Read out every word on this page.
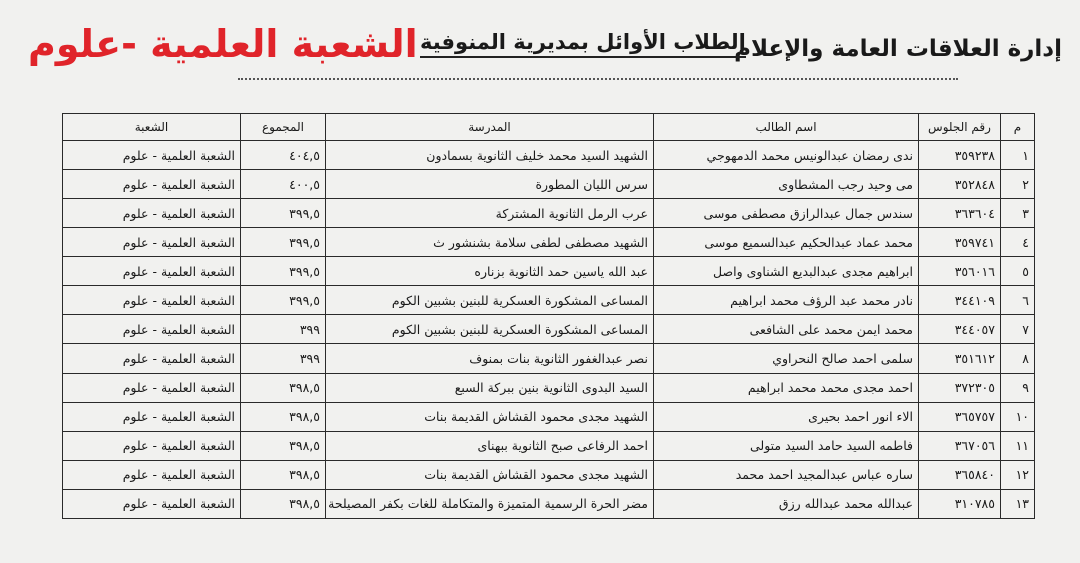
إدارة العلاقات العامة والإعلام
الطلاب الأوائل بمديرية المنوفية
الشعبة العلمية -علوم
م	رقم الجلوس	اسم الطالب	المدرسة	المجموع	الشعبة
١	٣٥٩٢٣٨	ندى رمضان عبدالونيس محمد الدمهوجي	الشهيد السيد محمد خليف الثانوية بسمادون	٤٠٤,٥	الشعبة العلمية - علوم
٢	٣٥٢٨٤٨	مى وحيد رجب المشطاوى	سرس الليان المطورة	٤٠٠,٥	الشعبة العلمية - علوم
٣	٣٦٣٦٠٤	سندس جمال عبدالرازق مصطفى موسى	عرب الرمل الثانوية المشتركة	٣٩٩,٥	الشعبة العلمية - علوم
٤	٣٥٩٧٤١	محمد عماد عبدالحكيم عبدالسميع موسى	الشهيد مصطفى لطفى سلامة بشنشور ث	٣٩٩,٥	الشعبة العلمية - علوم
٥	٣٥٦٠١٦	ابراهيم مجدى عبدالبديع الشناوى واصل	عبد الله ياسين حمد الثانوية بزناره	٣٩٩,٥	الشعبة العلمية - علوم
٦	٣٤٤١٠٩	نادر محمد عبد الرؤف محمد ابراهيم	المساعى المشكورة العسكرية للبنين بشبين الكوم	٣٩٩,٥	الشعبة العلمية - علوم
٧	٣٤٤٠٥٧	محمد ايمن محمد على الشافعى	المساعى المشكورة العسكرية للبنين بشبين الكوم	٣٩٩	الشعبة العلمية - علوم
٨	٣٥١٦١٢	سلمى احمد صالح النحراوي	نصر عبدالغفور الثانوية بنات بمنوف	٣٩٩	الشعبة العلمية - علوم
٩	٣٧٢٣٠٥	احمد مجدى محمد محمد ابراهيم	السيد البدوى الثانوية بنين ببركة السبع	٣٩٨,٥	الشعبة العلمية - علوم
١٠	٣٦٥٧٥٧	الاء انور احمد بحيرى	الشهيد مجدى محمود القشاش القديمة بنات	٣٩٨,٥	الشعبة العلمية - علوم
١١	٣٦٧٠٥٦	فاطمه السيد حامد السيد متولى	احمد الرفاعى صبح الثانوية ببهناى	٣٩٨,٥	الشعبة العلمية - علوم
١٢	٣٦٥٨٤٠	ساره عباس عبدالمجيد احمد محمد	الشهيد مجدى محمود القشاش القديمة بنات	٣٩٨,٥	الشعبة العلمية - علوم
١٣	٣١٠٧٨٥	عبدالله محمد عبدالله رزق	مضر الحرة الرسمية المتميزة والمتكاملة للغات بكفر المصيلحة	٣٩٨,٥	الشعبة العلمية - علوم
